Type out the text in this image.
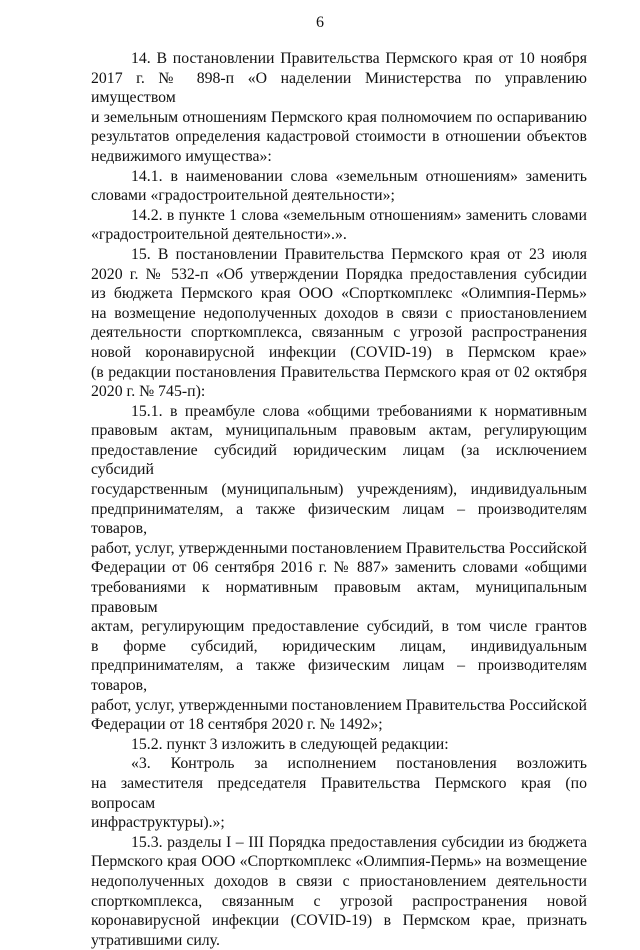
6
14. В постановлении Правительства Пермского края от 10 ноября
2017 г. № 898-п «О наделении Министерства по управлению имуществом
и земельным отношениям Пермского края полномочием по оспариванию
результатов определения кадастровой стоимости в отношении объектов
недвижимого имущества»:
14.1. в наименовании слова «земельным отношениям» заменить
словами «градостроительной деятельности»;
14.2. в пункте 1 слова «земельным отношениям» заменить словами
«градостроительной деятельности».».
15. В постановлении Правительства Пермского края от 23 июля
2020 г. № 532-п «Об утверждении Порядка предоставления субсидии
из бюджета Пермского края ООО «Спорткомплекс «Олимпия-Пермь»
на возмещение недополученных доходов в связи с приостановлением
деятельности спорткомплекса, связанным с угрозой распространения
новой коронавирусной инфекции (COVID-19) в Пермском крае»
(в редакции постановления Правительства Пермского края от 02 октября
2020 г. № 745-п):
15.1. в преамбуле слова «общими требованиями к нормативным
правовым актам, муниципальным правовым актам, регулирующим
предоставление субсидий юридическим лицам (за исключением субсидий
государственным (муниципальным) учреждениям), индивидуальным
предпринимателям, а также физическим лицам – производителям товаров,
работ, услуг, утвержденными постановлением Правительства Российской
Федерации от 06 сентября 2016 г. № 887» заменить словами «общими
требованиями к нормативным правовым актам, муниципальным правовым
актам, регулирующим предоставление субсидий, в том числе грантов
в форме субсидий, юридическим лицам, индивидуальным
предпринимателям, а также физическим лицам – производителям товаров,
работ, услуг, утвержденными постановлением Правительства Российской
Федерации от 18 сентября 2020 г. № 1492»;
15.2. пункт 3 изложить в следующей редакции:
«3. Контроль за исполнением постановления возложить
на заместителя председателя Правительства Пермского края (по вопросам
инфраструктуры).»;
15.3. разделы I – III Порядка предоставления субсидии из бюджета
Пермского края ООО «Спорткомплекс «Олимпия-Пермь» на возмещение
недополученных доходов в связи с приостановлением деятельности
спорткомплекса, связанным с угрозой распространения новой
коронавирусной инфекции (COVID-19) в Пермском крае, признать
утратившими силу.
